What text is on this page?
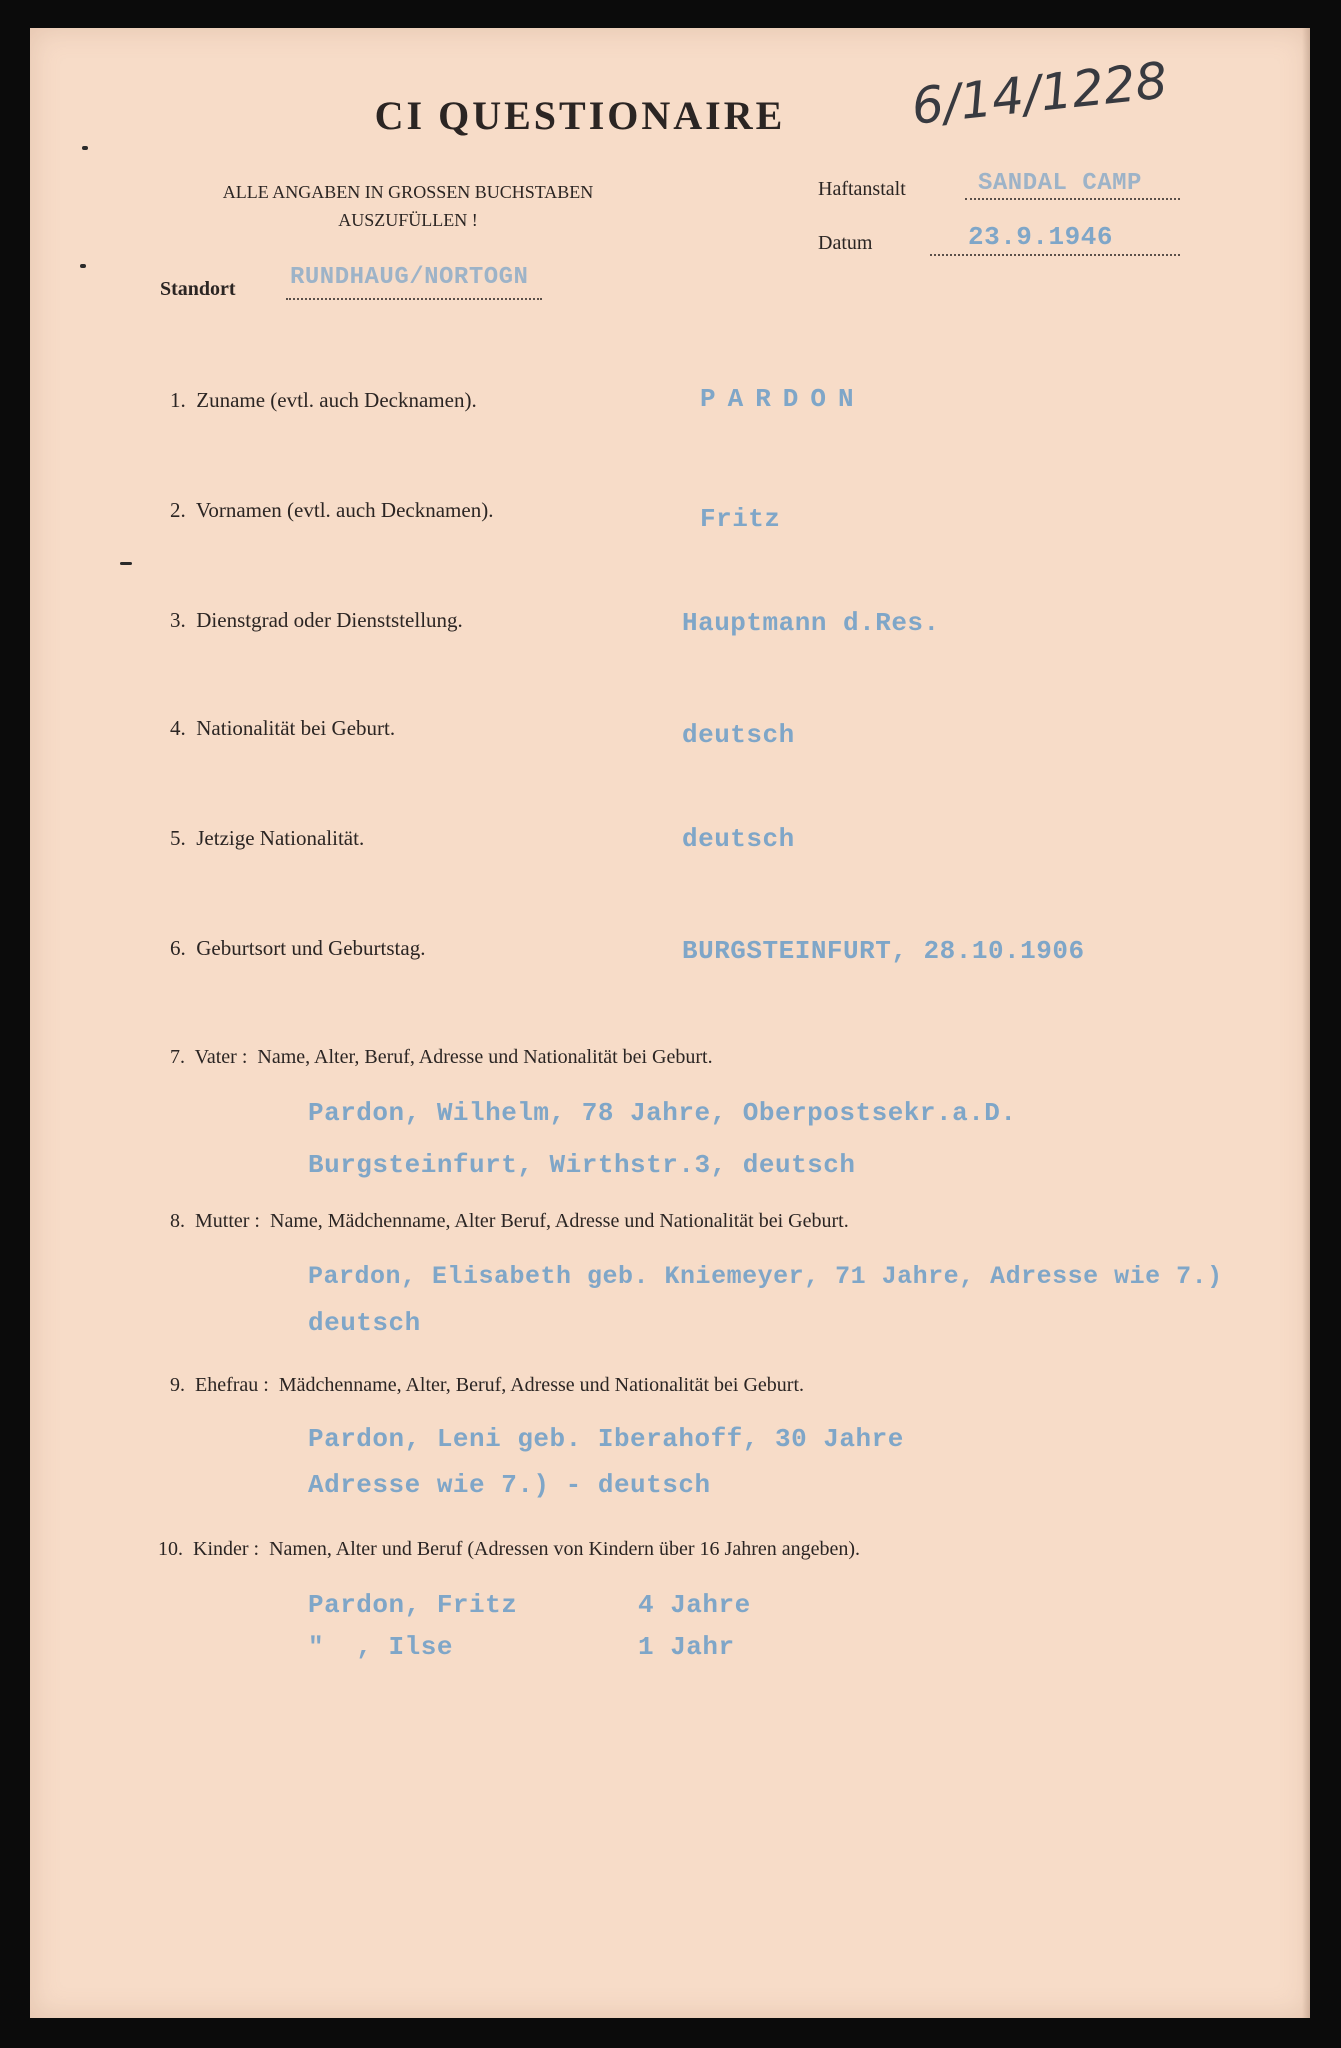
CI QUESTIONAIRE	6/14/1228
ALLE ANGABEN IN GROSSEN BUCHSTABEN
AUSZUFÜLLEN !
Haftanstalt	SANDAL CAMP
Datum	23.9.1946
Standort RUNDHAUG/NORTOGN
1. Zuname (evtl. auch Decknamen).	PARDON
2. Vornamen (evtl. auch Decknamen).	Fritz
3. Dienstgrad oder Dienststellung.	Hauptmann d.Res.
4. Nationalität bei Geburt.	deutsch
5. Jetzige Nationalität.	deutsch
6. Geburtsort und Geburtstag.	BURGSTEINFURT, 28.10.1906
7. Vater : Name, Alter, Beruf, Adresse und Nationalität bei Geburt.
Pardon, Wilhelm, 78 Jahre, Oberpostsekr.a.D.
Burgsteinfurt, Wirthstr.3, deutsch
8. Mutter : Name, Mädchenname, Alter Beruf, Adresse und Nationalität bei Geburt.
Pardon, Elisabeth geb. Kniemeyer, 71 Jahre, Adresse wie 7.)
deutsch
9. Ehefrau : Mädchenname, Alter, Beruf, Adresse und Nationalität bei Geburt.
Pardon, Leni geb. Iberahoff, 30 Jahre
Adresse wie 7.) - deutsch
10. Kinder : Namen, Alter und Beruf (Adressen von Kindern über 16 Jahren angeben).
Pardon, Fritz	4 Jahre
"  , Ilse	1 Jahr
